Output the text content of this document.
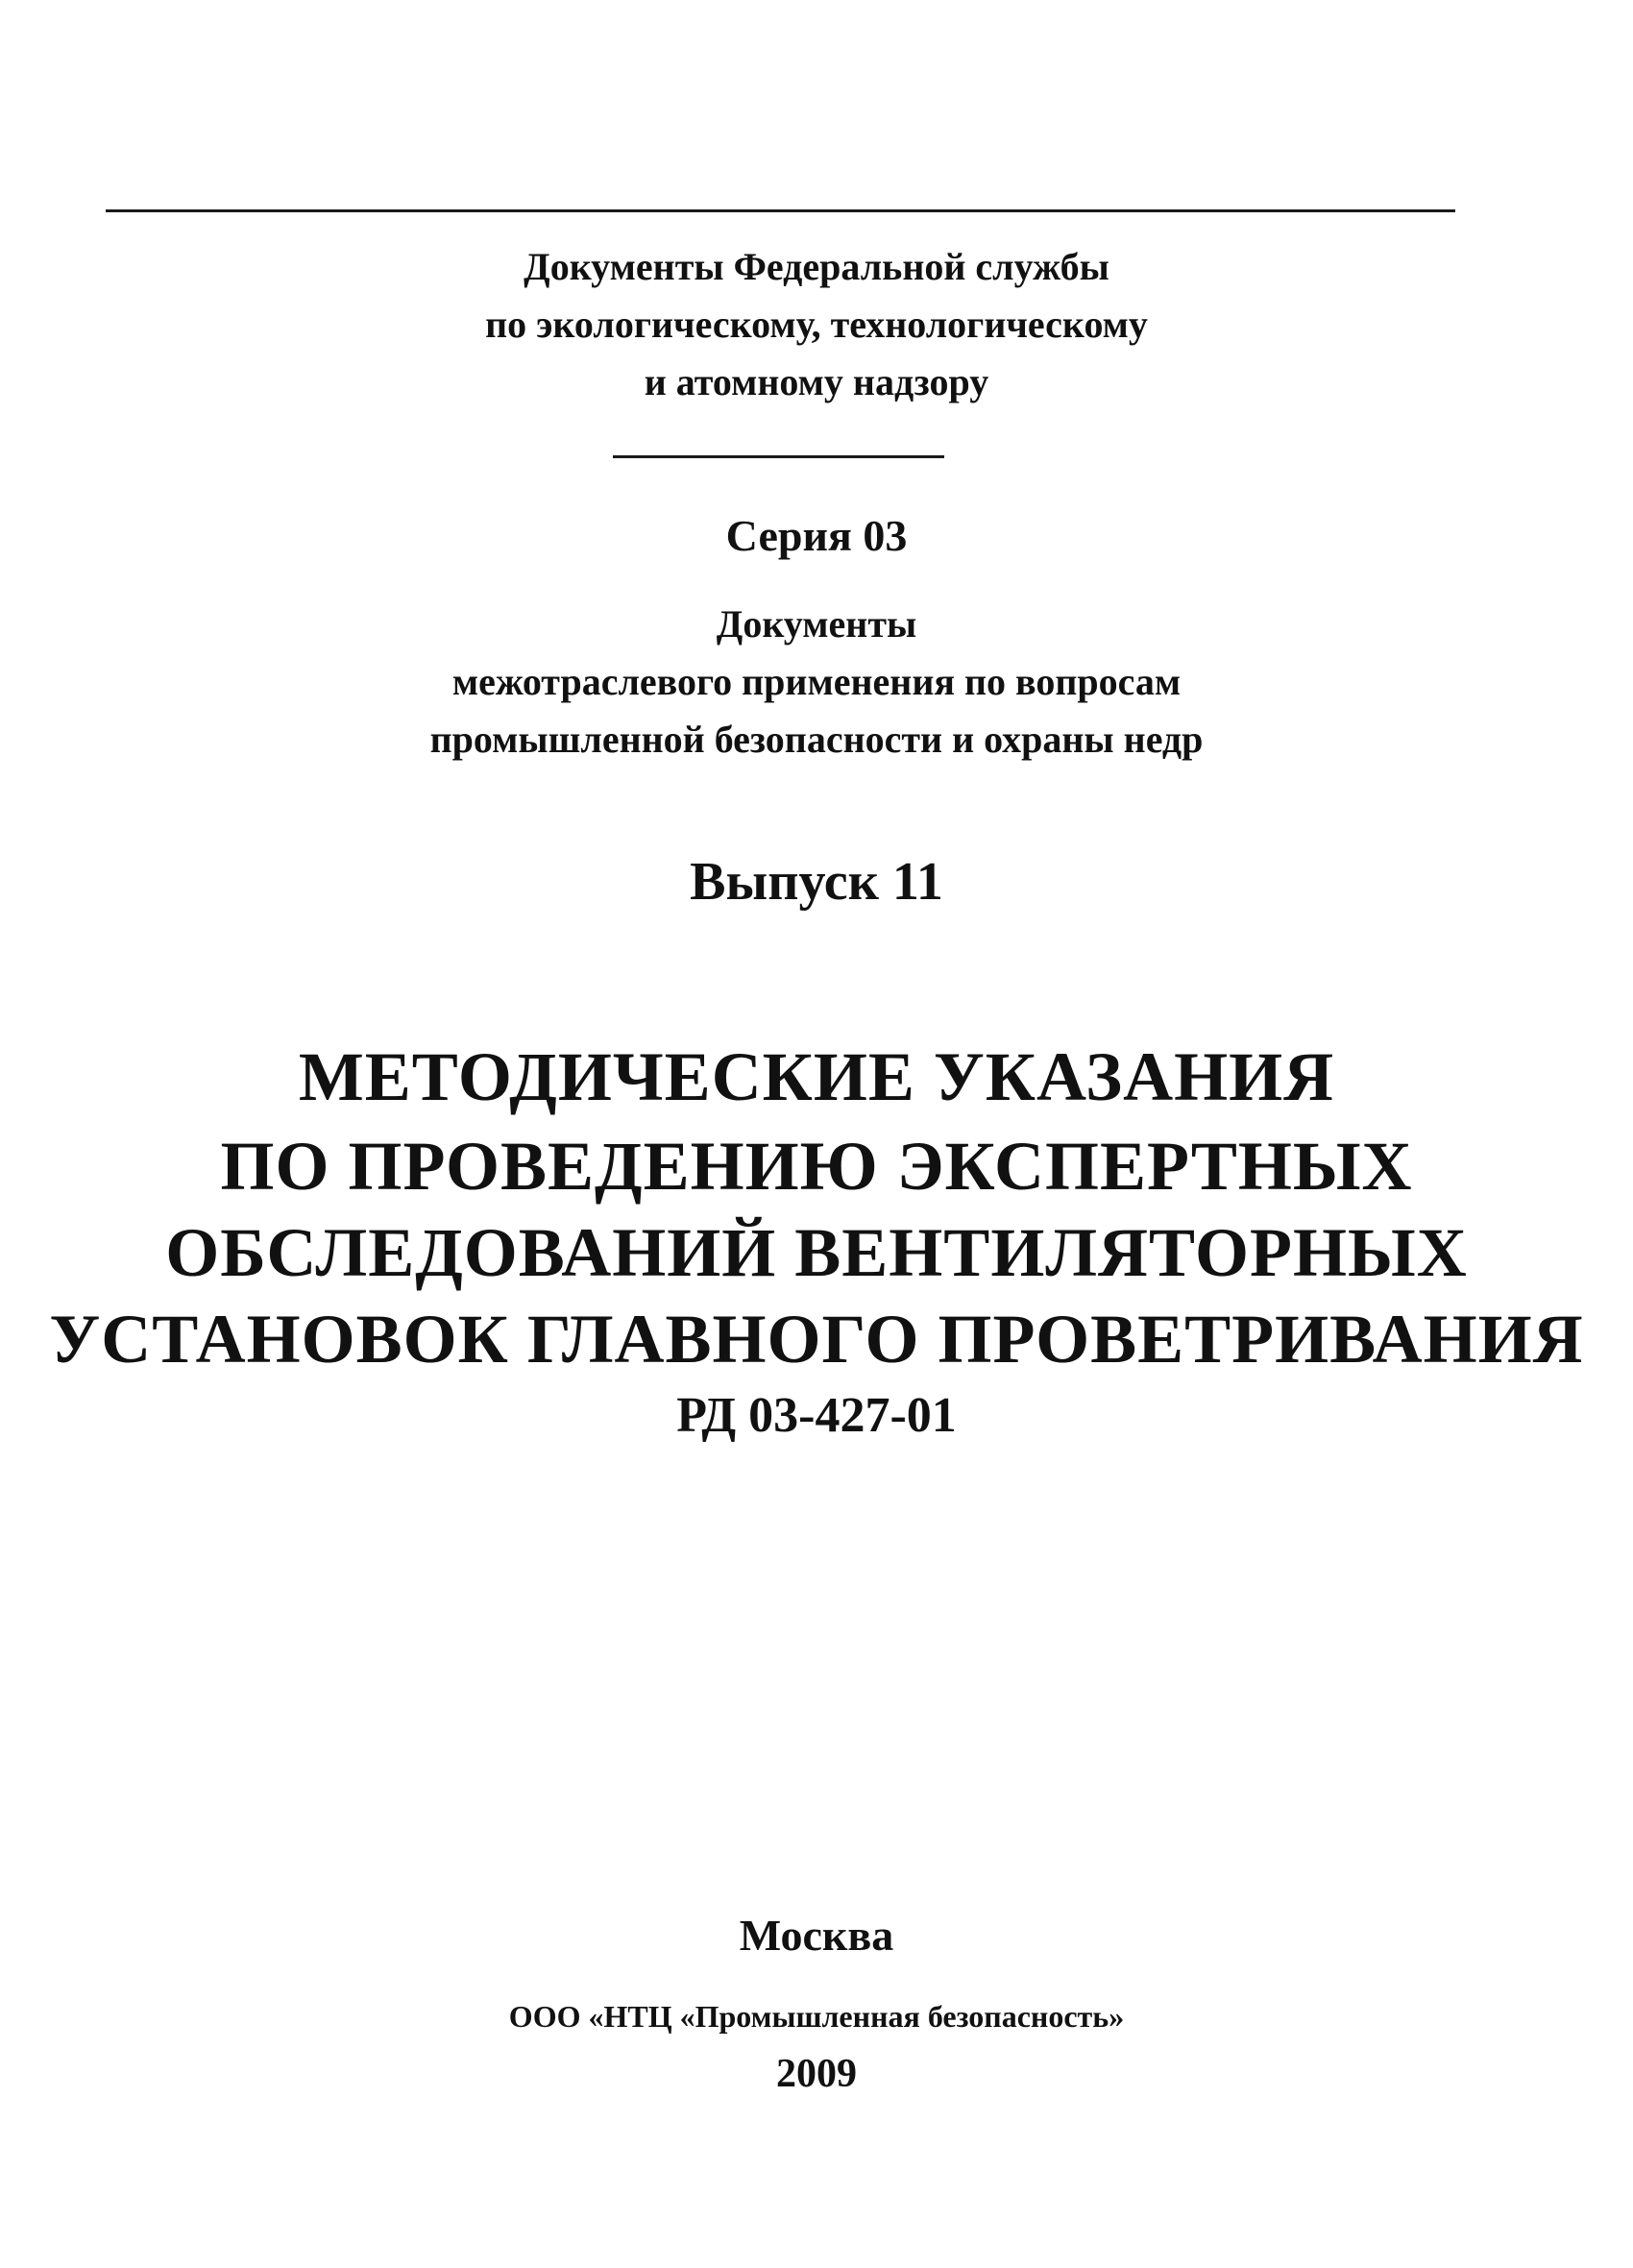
Документы Федеральной службы
по экологическому, технологическому
и атомному надзору
Серия 03
Документы
межотраслевого применения по вопросам
промышленной безопасности и охраны недр
Выпуск 11
МЕТОДИЧЕСКИЕ УКАЗАНИЯ
ПО ПРОВЕДЕНИЮ ЭКСПЕРТНЫХ
ОБСЛЕДОВАНИЙ ВЕНТИЛЯТОРНЫХ
УСТАНОВОК ГЛАВНОГО ПРОВЕТРИВАНИЯ
РД 03-427-01
Москва
ООО «НТЦ «Промышленная безопасность»
2009
